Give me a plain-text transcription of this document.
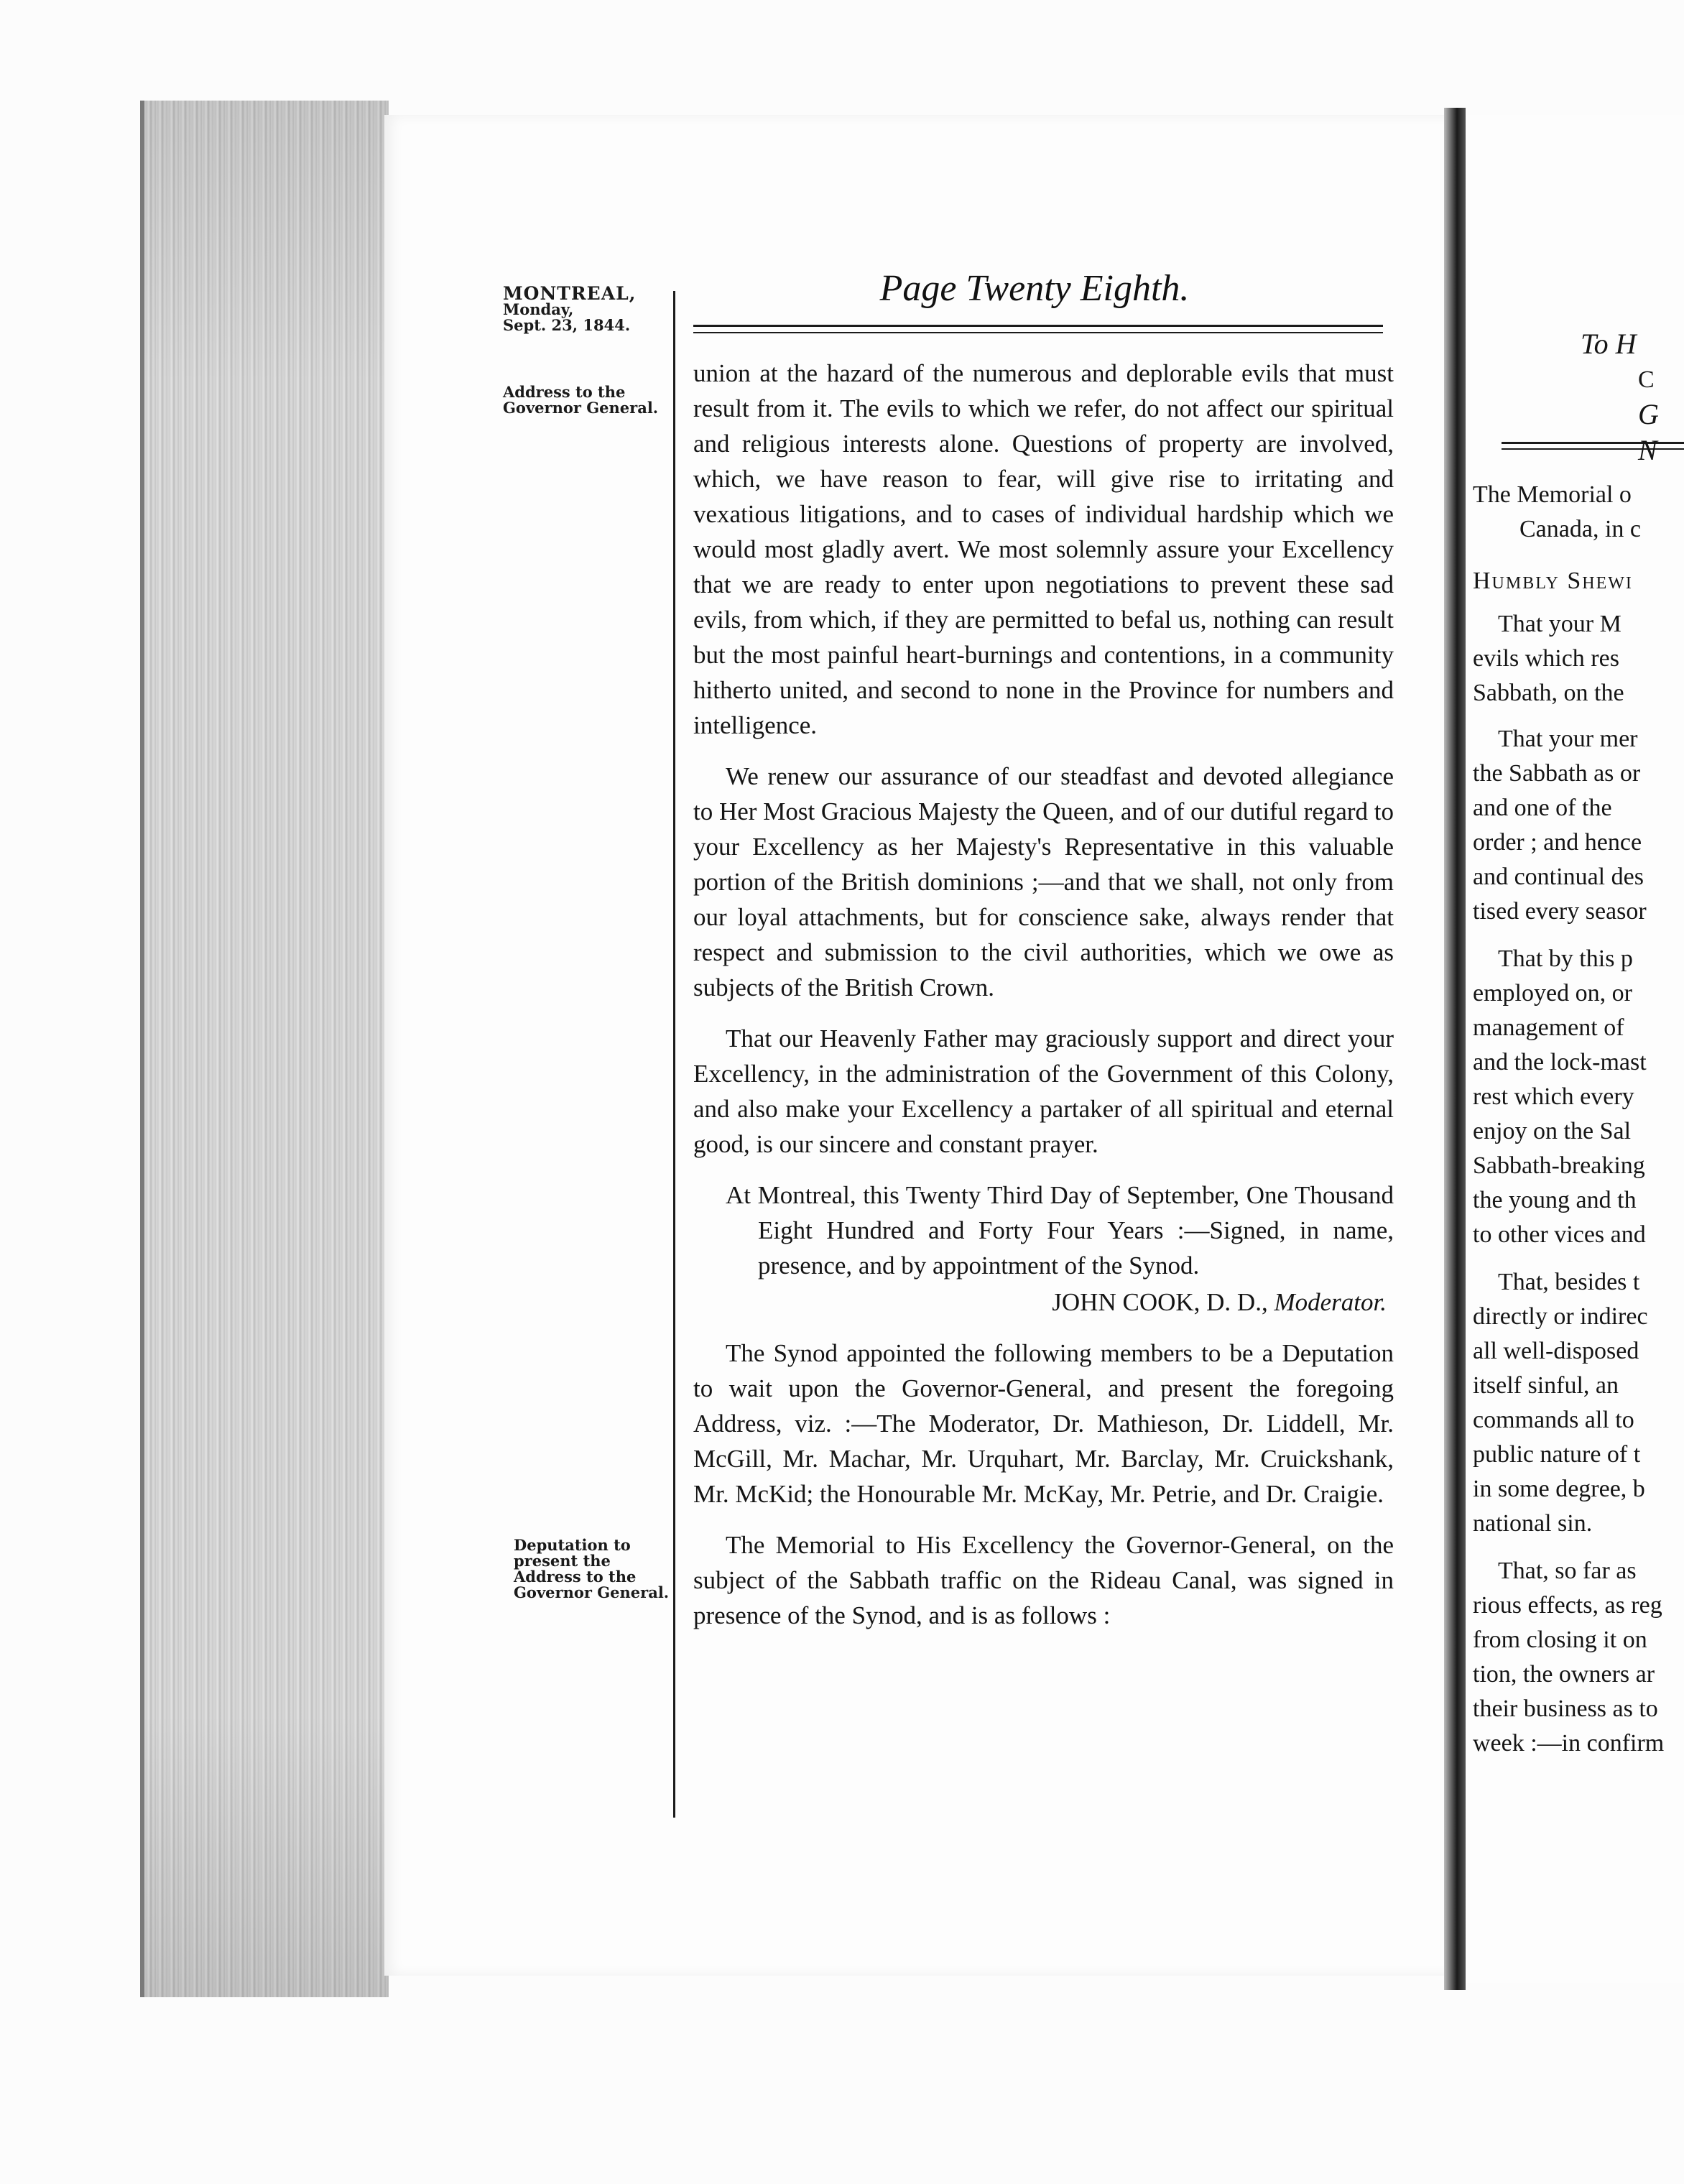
MONTREAL,
Monday,
Sept. 23, 1844.
Address to the Governor General.
Deputation to present the Address to the Governor General.
Page Twenty Eighth.

union at the hazard of the numerous and deplorable evils that must result from it. The evils to which we refer, do not affect our spiritual and religious interests alone. Questions of property are involved, which, we have reason to fear, will give rise to irritating and vexatious litigations, and to cases of individual hardship which we would most gladly avert. We most solemnly assure your Excellency that we are ready to enter upon negotiations to prevent these sad evils, from which, if they are permitted to befal us, nothing can result but the most painful heart-burnings and contentions, in a community hitherto united, and second to none in the Province for numbers and intelligence.

We renew our assurance of our steadfast and devoted allegiance to Her Most Gracious Majesty the Queen, and of our dutiful regard to your Excellency as her Majesty's Representative in this valuable portion of the British dominions ;—and that we shall, not only from our loyal attachments, but for conscience sake, always render that respect and submission to the civil authorities, which we owe as subjects of the British Crown.

That our Heavenly Father may graciously support and direct your Excellency, in the administration of the Government of this Colony, and also make your Excellency a partaker of all spiritual and eternal good, is our sincere and constant prayer.

At Montreal, this Twenty Third Day of September, One Thousand Eight Hundred and Forty Four Years :—Signed, in name, presence, and by appointment of the Synod.
JOHN COOK, D. D., Moderator.

The Synod appointed the following members to be a Deputation to wait upon the Governor-General, and present the foregoing Address, viz. :—The Moderator, Dr. Mathieson, Dr. Liddell, Mr. McGill, Mr. Machar, Mr. Urquhart, Mr. Barclay, Mr. Cruickshank, Mr. McKid; the Honourable Mr. McKay, Mr. Petrie, and Dr. Craigie.

The Memorial to His Excellency the Governor-General, on the subject of the Sabbath traffic on the Rideau Canal, was signed in presence of the Synod, and is as follows :

To H
C
G
N
The Memorial o
Canada, in c
Humbly Shewi
That your M
evils which res
Sabbath, on the
That your mer
the Sabbath as or
and one of the
order ; and hence
and continual des
tised every seasor
That by this p
employed on, or
management of
and the lock-mast
rest which every
enjoy on the Sal
Sabbath-breaking
the young and th
to other vices and
That, besides t
directly or indirec
all well-disposed
itself sinful, an
commands all to
public nature of t
in some degree, b
national sin.
That, so far as
rious effects, as reg
from closing it on
tion, the owners ar
their business as to
week :—in confirm
